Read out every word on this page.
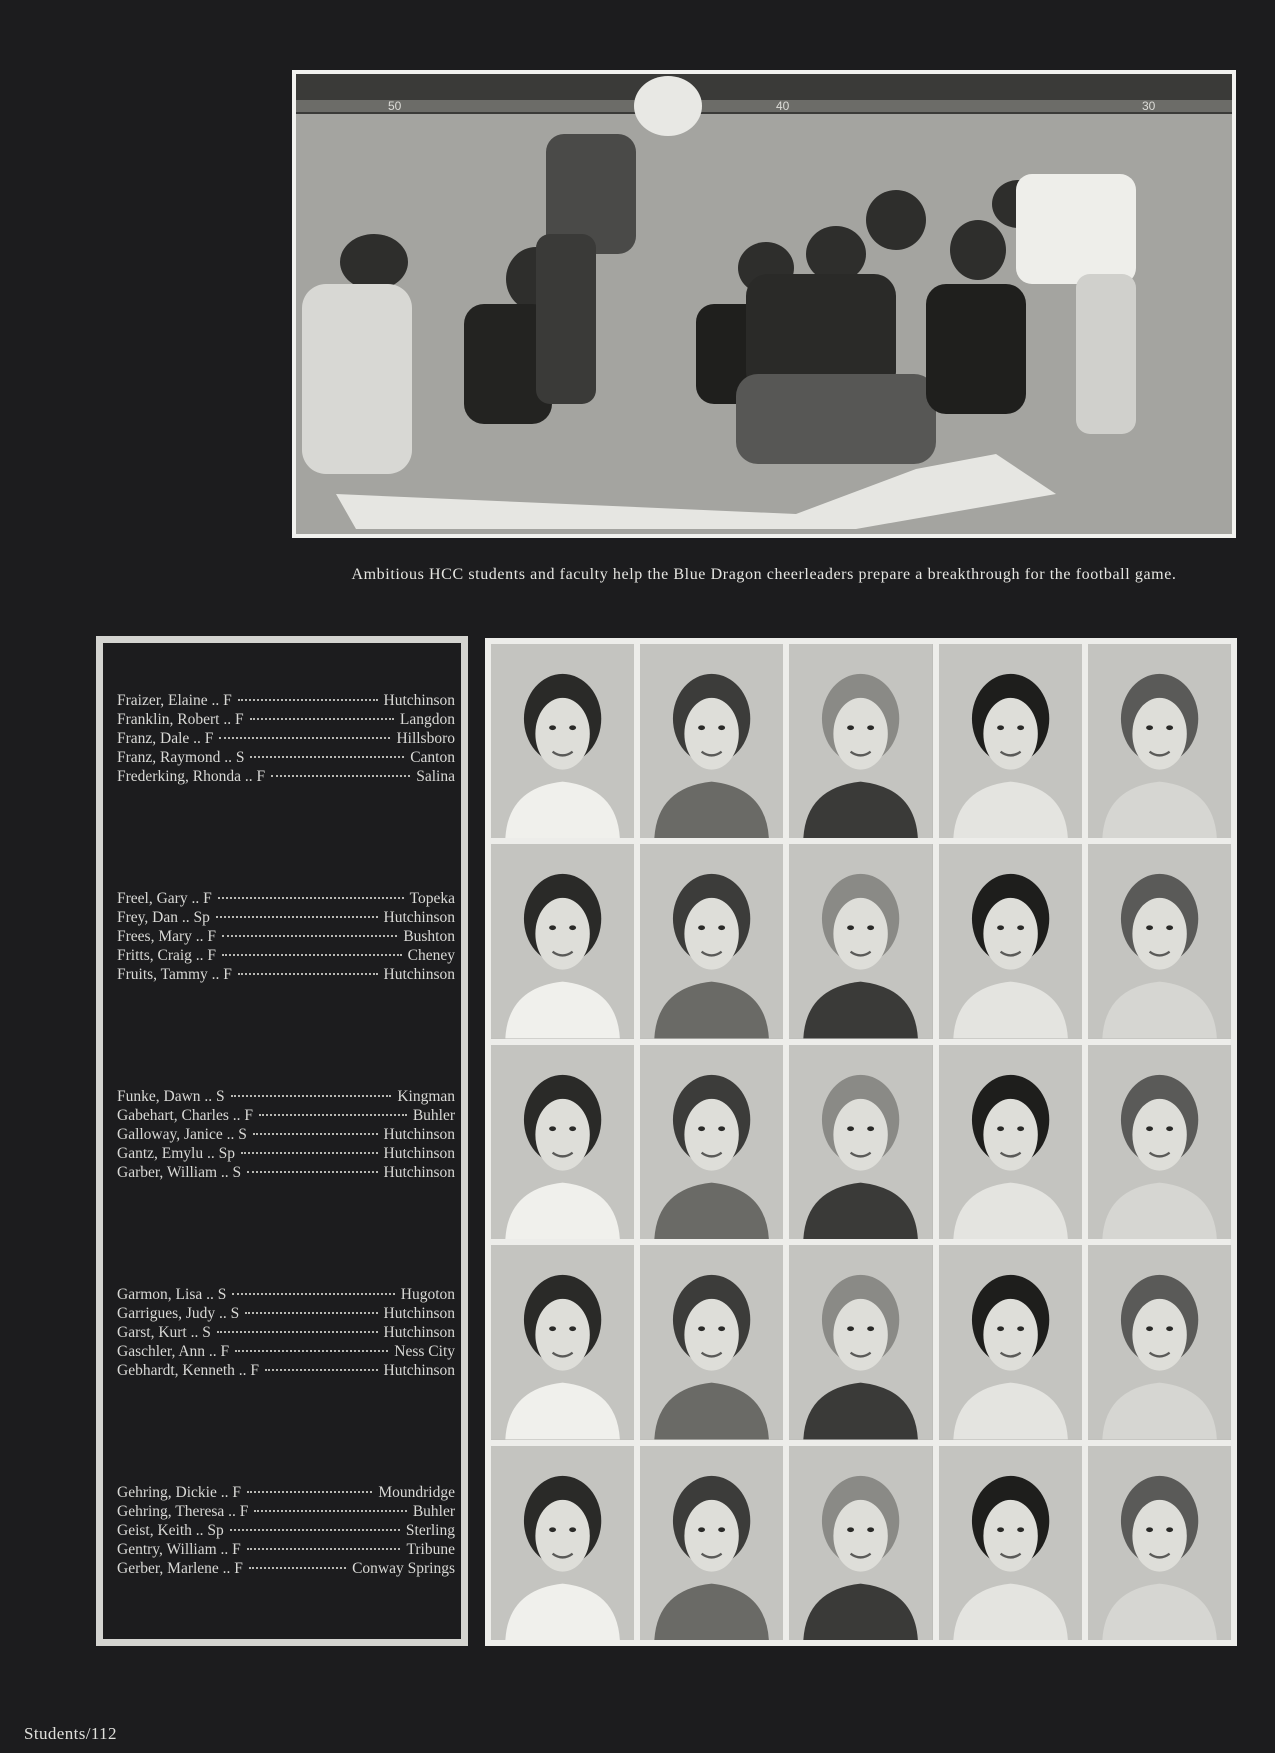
50	40	30
Ambitious HCC students and faculty help the Blue Dragon cheerleaders prepare a breakthrough for the football game.
Fraizer, Elaine .. F	Hutchinson
Franklin, Robert .. F	Langdon
Franz, Dale .. F	Hillsboro
Franz, Raymond .. S	Canton
Frederking, Rhonda .. F	Salina
Freel, Gary .. F	Topeka
Frey, Dan .. Sp	Hutchinson
Frees, Mary .. F	Bushton
Fritts, Craig .. F	Cheney
Fruits, Tammy .. F	Hutchinson
Funke, Dawn .. S	Kingman
Gabehart, Charles .. F	Buhler
Galloway, Janice .. S	Hutchinson
Gantz, Emylu .. Sp	Hutchinson
Garber, William .. S	Hutchinson
Garmon, Lisa .. S	Hugoton
Garrigues, Judy .. S	Hutchinson
Garst, Kurt .. S	Hutchinson
Gaschler, Ann .. F	Ness City
Gebhardt, Kenneth .. F	Hutchinson
Gehring, Dickie .. F	Moundridge
Gehring, Theresa .. F	Buhler
Geist, Keith .. Sp	Sterling
Gentry, William .. F	Tribune
Gerber, Marlene .. F	Conway Springs
Students/112
